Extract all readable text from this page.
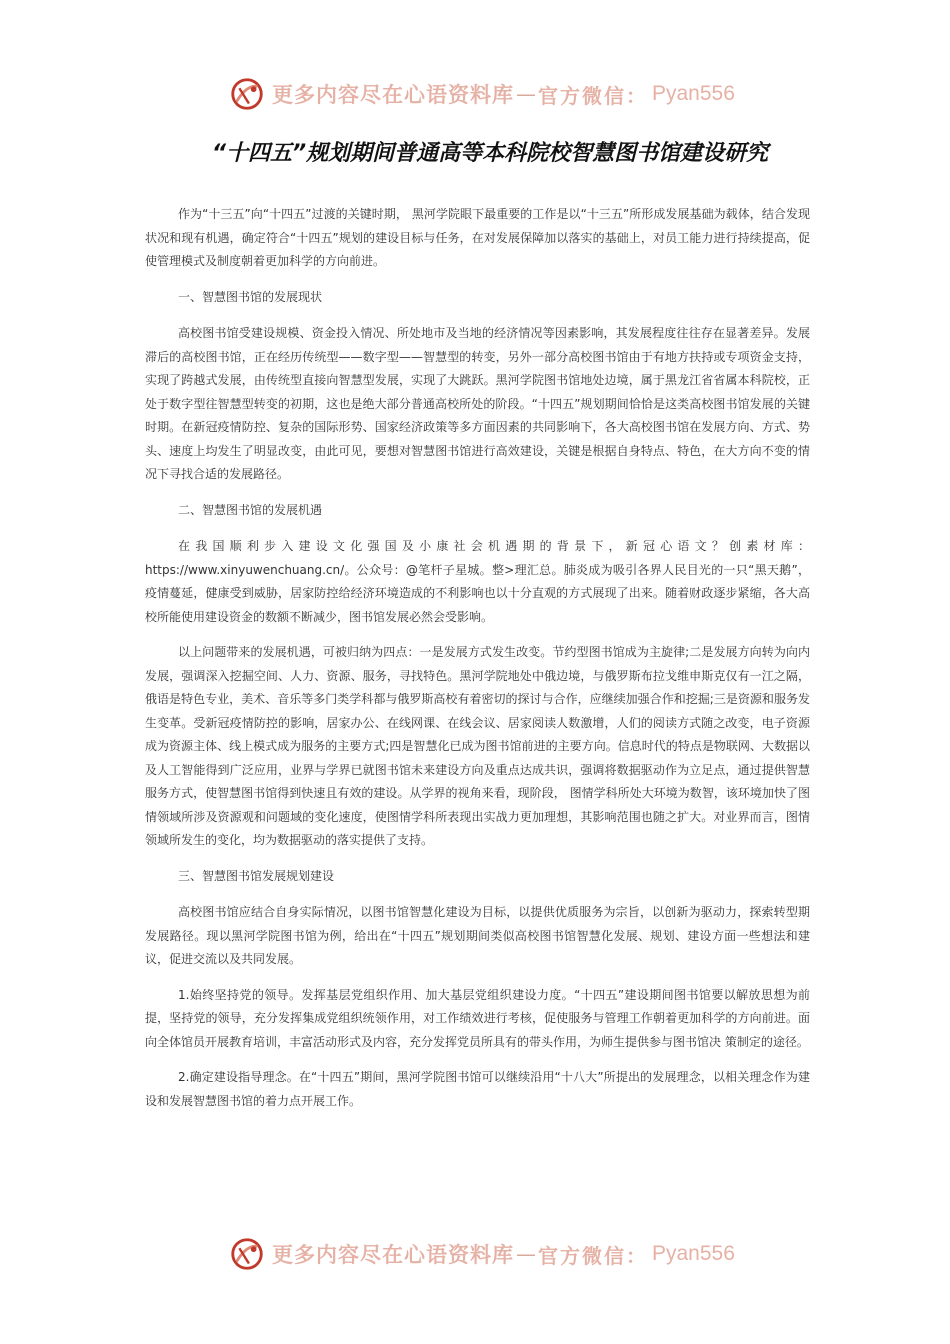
更多内容尽在心语资料库 — 官方微信： Pyan556
“十四五”规划期间普通高等本科院校智慧图书馆建设研究

作为“十三五”向“十四五”过渡的关键时期， 黑河学院眼下最重要的工作是以“十三五”所形成发展基础为载体，结合发现状况和现有机遇，确定符合“十四五”规划的建设目标与任务，在对发展保障加以落实的基础上，对员工能力进行持续提高，促使管理模式及制度朝着更加科学的方向前进。

一、智慧图书馆的发展现状

高校图书馆受建设规模、资金投入情况、所处地市及当地的经济情况等因素影响，其发展程度往往存在显著差异。发展滞后的高校图书馆，正在经历传统型——数字型——智慧型的转变，另外一部分高校图书馆由于有地方扶持或专项资金支持，实现了跨越式发展，由传统型直接向智慧型发展，实现了大跳跃。黑河学院图书馆地处边境，属于黑龙江省省属本科院校，正处于数字型往智慧型转变的初期，这也是绝大部分普通高校所处的阶段。“十四五”规划期间恰恰是这类高校图书馆发展的关键时期。在新冠疫情防控、复杂的国际形势、国家经济政策等多方面因素的共同影响下，各大高校图书馆在发展方向、方式、势头、速度上均发生了明显改变，由此可见，要想对智慧图书馆进行高效建设，关键是根据自身特点、特色，在大方向不变的情况下寻找合适的发展路径。

二、智慧图书馆的发展机遇

在我国顺利步入建设文化强国及小康社会机遇期的背景下，新冠心语文？创素材库：https://www.xinyuwenchuang.cn/。公众号：@笔杆子星城。整>理汇总。肺炎成为吸引各界人民目光的一只“黑天鹅”，疫情蔓延，健康受到威胁，居家防控给经济环境造成的不利影响也以十分直观的方式展现了出来。随着财政逐步紧缩，各大高校所能使用建设资金的数额不断减少，图书馆发展必然会受影响。

以上问题带来的发展机遇，可被归纳为四点：一是发展方式发生改变。节约型图书馆成为主旋律;二是发展方向转为向内发展，强调深入挖掘空间、人力、资源、服务，寻找特色。黑河学院地处中俄边境，与俄罗斯布拉戈维申斯克仅有一江之隔，俄语是特色专业，美术、音乐等多门类学科都与俄罗斯高校有着密切的探讨与合作，应继续加强合作和挖掘;三是资源和服务发生变革。受新冠疫情防控的影响，居家办公、在线网课、在线会议、居家阅读人数激增，人们的阅读方式随之改变，电子资源成为资源主体、线上模式成为服务的主要方式;四是智慧化已成为图书馆前进的主要方向。信息时代的特点是物联网、大数据以及人工智能得到广泛应用，业界与学界已就图书馆未来建设方向及重点达成共识，强调将数据驱动作为立足点，通过提供智慧服务方式，使智慧图书馆得到快速且有效的建设。从学界的视角来看，现阶段， 图情学科所处大环境为数智，该环境加快了图情领域所涉及资源观和问题域的变化速度，使图情学科所表现出实战力更加理想，其影响范围也随之扩大。对业界而言，图情领域所发生的变化，均为数据驱动的落实提供了支持。

三、智慧图书馆发展规划建设

高校图书馆应结合自身实际情况，以图书馆智慧化建设为目标，以提供优质服务为宗旨，以创新为驱动力，探索转型期发展路径。现以黑河学院图书馆为例，给出在“十四五”规划期间类似高校图书馆智慧化发展、规划、建设方面一些想法和建议，促进交流以及共同发展。

1.始终坚持党的领导。发挥基层党组织作用、加大基层党组织建设力度。“十四五”建设期间图书馆要以解放思想为前提，坚持党的领导，充分发挥集成党组织统领作用，对工作绩效进行考核，促使服务与管理工作朝着更加科学的方向前进。面向全体馆员开展教育培训，丰富活动形式及内容，充分发挥党员所具有的带头作用，为师生提供参与图书馆决 策制定的途径。

2.确定建设指导理念。在“十四五”期间，黑河学院图书馆可以继续沿用“十八大”所提出的发展理念，以相关理念作为建设和发展智慧图书馆的着力点开展工作。

更多内容尽在心语资料库 — 官方微信： Pyan556
